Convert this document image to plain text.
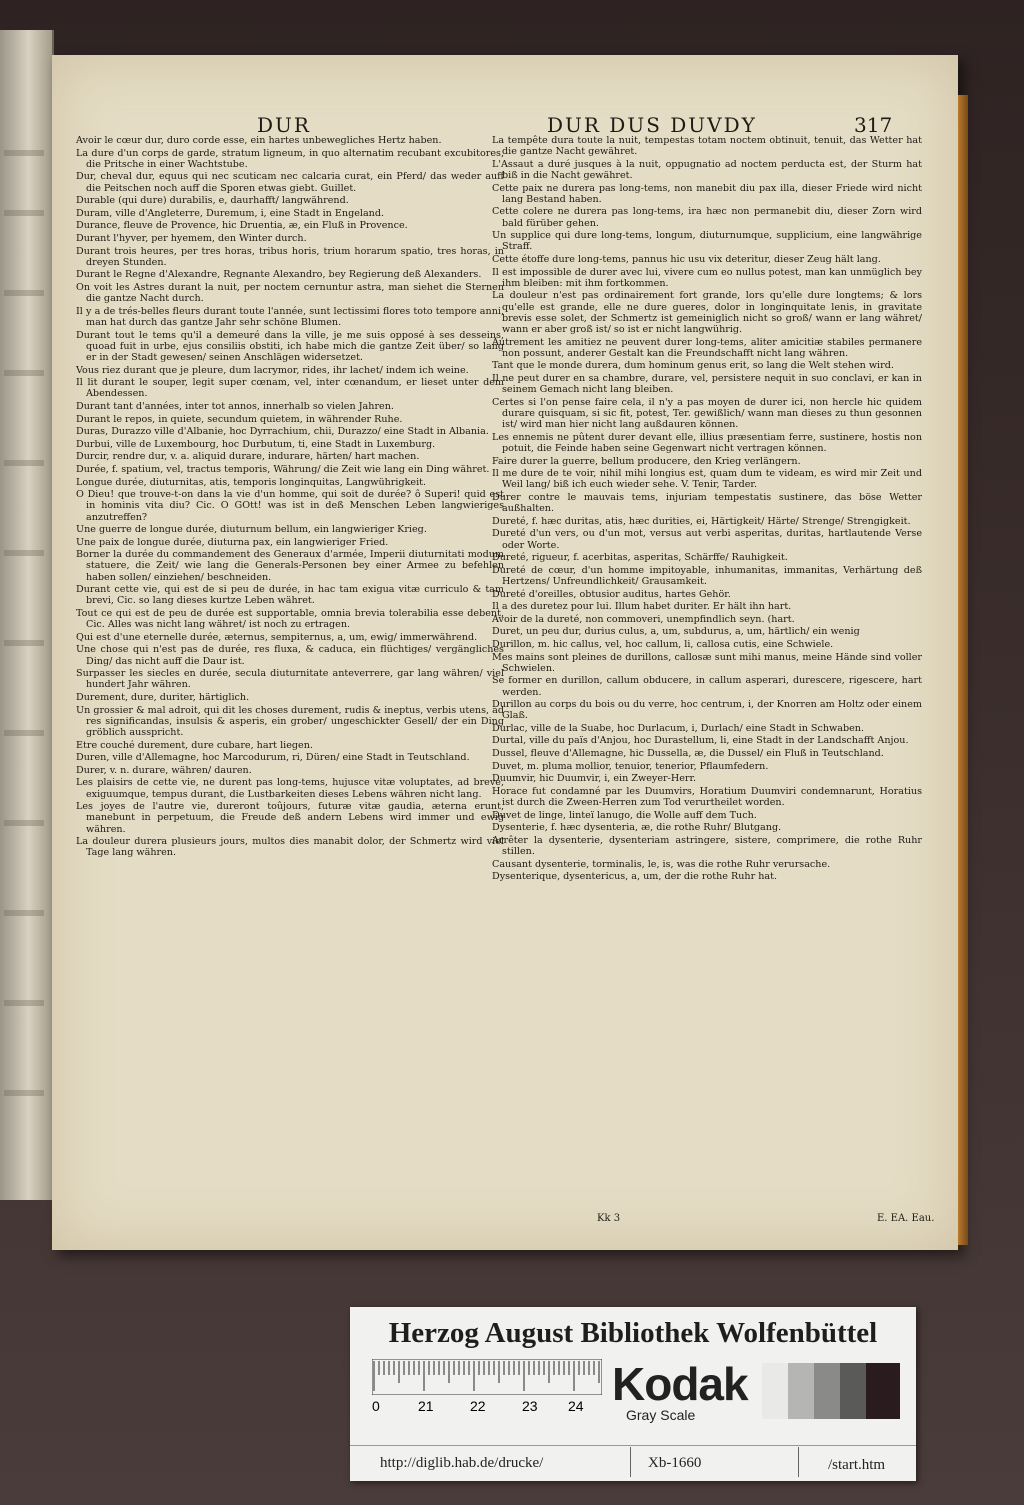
DUR	DUR DUS DUVDY	317
Avoir le cœur dur, duro corde esse, ein hartes unbewegliches Hertz haben.
La dure d'un corps de garde, stratum ligneum, in quo alternatim recubant excubitores, die Pritsche in einer Wachtstube.
Dur, cheval dur, equus qui nec scuticam nec calcaria curat, ein Pferd/ das weder auff die Peitschen noch auff die Sporen etwas giebt. Guillet.
Durable (qui dure) durabilis, e, daurhafft/ langwährend.
Duram, ville d'Angleterre, Duremum, i, eine Stadt in Engeland.
Durance, fleuve de Provence, hic Druentia, æ, ein Fluß in Provence.
Durant l'hyver, per hyemem, den Winter durch.
Durant trois heures, per tres horas, tribus horis, trium horarum spatio, tres horas, in dreyen Stunden.
Durant le Regne d'Alexandre, Regnante Alexandro, bey Regierung deß Alexanders.
On voit les Astres durant la nuit, per noctem cernuntur astra, man siehet die Sternen die gantze Nacht durch.
Il y a de trés-belles fleurs durant toute l'année, sunt lectissimi flores toto tempore anni, man hat durch das gantze Jahr sehr schöne Blumen.
Durant tout le tems qu'il a demeuré dans la ville, je me suis opposé à ses desseins, quoad fuit in urbe, ejus consiliis obstiti, ich habe mich die gantze Zeit über/ so lang er in der Stadt gewesen/ seinen Anschlägen widersetzet.
Vous riez durant que je pleure, dum lacrymor, rides, ihr lachet/ indem ich weine.
Il lit durant le souper, legit super cœnam, vel, inter cœnandum, er lieset unter dem Abendessen.
Durant tant d'années, inter tot annos, innerhalb so vielen Jahren.
Durant le repos, in quiete, secundum quietem, in währender Ruhe.
Duras, Durazzo ville d'Albanie, hoc Dyrrachium, chii, Durazzo/ eine Stadt in Albania.
Durbui, ville de Luxembourg, hoc Durbutum, ti, eine Stadt in Luxemburg.
Durcir, rendre dur, v. a. aliquid durare, indurare, härten/ hart machen.
Durée, f. spatium, vel, tractus temporis, Währung/ die Zeit wie lang ein Ding währet.
Longue durée, diuturnitas, atis, temporis longinquitas, Langwührigkeit.
O Dieu! que trouve-t-on dans la vie d'un homme, qui soit de durée? ô Superi! quid est in hominis vita diu? Cic. O GOtt! was ist in deß Menschen Leben langwieriges anzutreffen?
Une guerre de longue durée, diuturnum bellum, ein langwieriger Krieg.
Une paix de longue durée, diuturna pax, ein langwieriger Fried.
Borner la durée du commandement des Generaux d'armée, Imperii diuturnitati modum statuere, die Zeit/ wie lang die Generals-Personen bey einer Armee zu befehlen haben sollen/ einziehen/ beschneiden.
Durant cette vie, qui est de si peu de durée, in hac tam exigua vitæ curriculo & tam brevi, Cic. so lang dieses kurtze Leben währet.
Tout ce qui est de peu de durée est supportable, omnia brevia tolerabilia esse debent, Cic. Alles was nicht lang währet/ ist noch zu ertragen.
Qui est d'une eternelle durée, æternus, sempiternus, a, um, ewig/ immerwährend.
Une chose qui n'est pas de durée, res fluxa, & caduca, ein flüchtiges/ vergängliches Ding/ das nicht auff die Daur ist.
Surpasser les siecles en durée, secula diuturnitate anteverrere, gar lang währen/ viel hundert Jahr währen.
Durement, dure, duriter, härtiglich.
Un grossier & mal adroit, qui dit les choses durement, rudis & ineptus, verbis utens, ad res significandas, insulsis & asperis, ein grober/ ungeschickter Gesell/ der ein Ding gröblich ausspricht.
Etre couché durement, dure cubare, hart liegen.
Duren, ville d'Allemagne, hoc Marcodurum, ri, Düren/ eine Stadt in Teutschland.
Durer, v. n. durare, währen/ dauren.
Les plaisirs de cette vie, ne durent pas long-tems, hujusce vitæ voluptates, ad breve, exiguumque, tempus durant, die Lustbarkeiten dieses Lebens währen nicht lang.
Les joyes de l'autre vie, dureront toûjours, futuræ vitæ gaudia, æterna erunt, manebunt in perpetuum, die Freude deß andern Lebens wird immer und ewig währen.
La douleur durera plusieurs jours, multos dies manabit dolor, der Schmertz wird viel Tage lang währen.
La tempête dura toute la nuit, tempestas totam noctem obtinuit, tenuit, das Wetter hat die gantze Nacht gewähret.
L'Assaut a duré jusques à la nuit, oppugnatio ad noctem perducta est, der Sturm hat biß in die Nacht gewähret.
Cette paix ne durera pas long-tems, non manebit diu pax illa, dieser Friede wird nicht lang Bestand haben.
Cette colere ne durera pas long-tems, ira hæc non permanebit diu, dieser Zorn wird bald fürüber gehen.
Un supplice qui dure long-tems, longum, diuturnumque, supplicium, eine langwährige Straff.
Cette étoffe dure long-tems, pannus hic usu vix deteritur, dieser Zeug hält lang.
Il est impossible de durer avec lui, vivere cum eo nullus potest, man kan unmüglich bey ihm bleiben: mit ihm fortkommen.
La douleur n'est pas ordinairement fort grande, lors qu'elle dure longtems; & lors qu'elle est grande, elle ne dure gueres, dolor in longinquitate lenis, in gravitate brevis esse solet, der Schmertz ist gemeiniglich nicht so groß/ wann er lang währet/ wann er aber groß ist/ so ist er nicht langwührig.
Autrement les amitiez ne peuvent durer long-tems, aliter amicitiæ stabiles permanere non possunt, anderer Gestalt kan die Freundschafft nicht lang währen.
Tant que le monde durera, dum hominum genus erit, so lang die Welt stehen wird.
Il ne peut durer en sa chambre, durare, vel, persistere nequit in suo conclavi, er kan in seinem Gemach nicht lang bleiben.
Certes si l'on pense faire cela, il n'y a pas moyen de durer ici, non hercle hic quidem durare quisquam, si sic fit, potest, Ter. gewißlich/ wann man dieses zu thun gesonnen ist/ wird man hier nicht lang außdauren können.
Les ennemis ne pûtent durer devant elle, illius præsentiam ferre, sustinere, hostis non potuit, die Feinde haben seine Gegenwart nicht vertragen können.
Faire durer la guerre, bellum producere, den Krieg verlängern.
Il me dure de te voir, nihil mihi longius est, quam dum te videam, es wird mir Zeit und Weil lang/ biß ich euch wieder sehe. V. Tenir, Tarder.
Durer contre le mauvais tems, injuriam tempestatis sustinere, das böse Wetter außhalten.
Dureté, f. hæc duritas, atis, hæc durities, ei, Härtigkeit/ Härte/ Strenge/ Strengigkeit.
Dureté d'un vers, ou d'un mot, versus aut verbi asperitas, duritas, hartlautende Verse oder Worte.
Dureté, rigueur, f. acerbitas, asperitas, Schärffe/ Rauhigkeit.
Dureté de cœur, d'un homme impitoyable, inhumanitas, immanitas, Verhärtung deß Hertzens/ Unfreundlichkeit/ Grausamkeit.
Dureté d'oreilles, obtusior auditus, hartes Gehör.
Il a des duretez pour lui. Illum habet duriter. Er hält ihn hart.
Avoir de la dureté, non commoveri, unempfindlich seyn. (hart.
Duret, un peu dur, durius culus, a, um, subdurus, a, um, härtlich/ ein wenig
Durillon, m. hic callus, vel, hoc callum, li, callosa cutis, eine Schwiele.
Mes mains sont pleines de durillons, callosæ sunt mihi manus, meine Hände sind voller Schwielen.
Se former en durillon, callum obducere, in callum asperari, durescere, rigescere, hart werden.
Durillon au corps du bois ou du verre, hoc centrum, i, der Knorren am Holtz oder einem Glaß.
Durlac, ville de la Suabe, hoc Durlacum, i, Durlach/ eine Stadt in Schwaben.
Durtal, ville du païs d'Anjou, hoc Durastellum, li, eine Stadt in der Landschafft Anjou.
Dussel, fleuve d'Allemagne, hic Dussella, æ, die Dussel/ ein Fluß in Teutschland.
Duvet, m. pluma mollior, tenuior, tenerior, Pflaumfedern.
Duumvir, hic Duumvir, i, ein Zweyer-Herr.
Horace fut condamné par les Duumvirs, Horatium Duumviri condemnarunt, Horatius ist durch die Zween-Herren zum Tod verurtheilet worden.
Duvet de linge, linteï lanugo, die Wolle auff dem Tuch.
Dysenterie, f. hæc dysenteria, æ, die rothe Ruhr/ Blutgang.
Arrêter la dysenterie, dysenteriam astringere, sistere, comprimere, die rothe Ruhr stillen.
Causant dysenterie, torminalis, le, is, was die rothe Ruhr verursache.
Dysenterique, dysentericus, a, um, der die rothe Ruhr hat.
Kk 3	E. EA. Eau.
Herzog August Bibliothek Wolfenbüttel
0	21	22	23 24 Kodak
Gray Scale
http://diglib.hab.de/drucke/	Xb-1660	/start.htm
